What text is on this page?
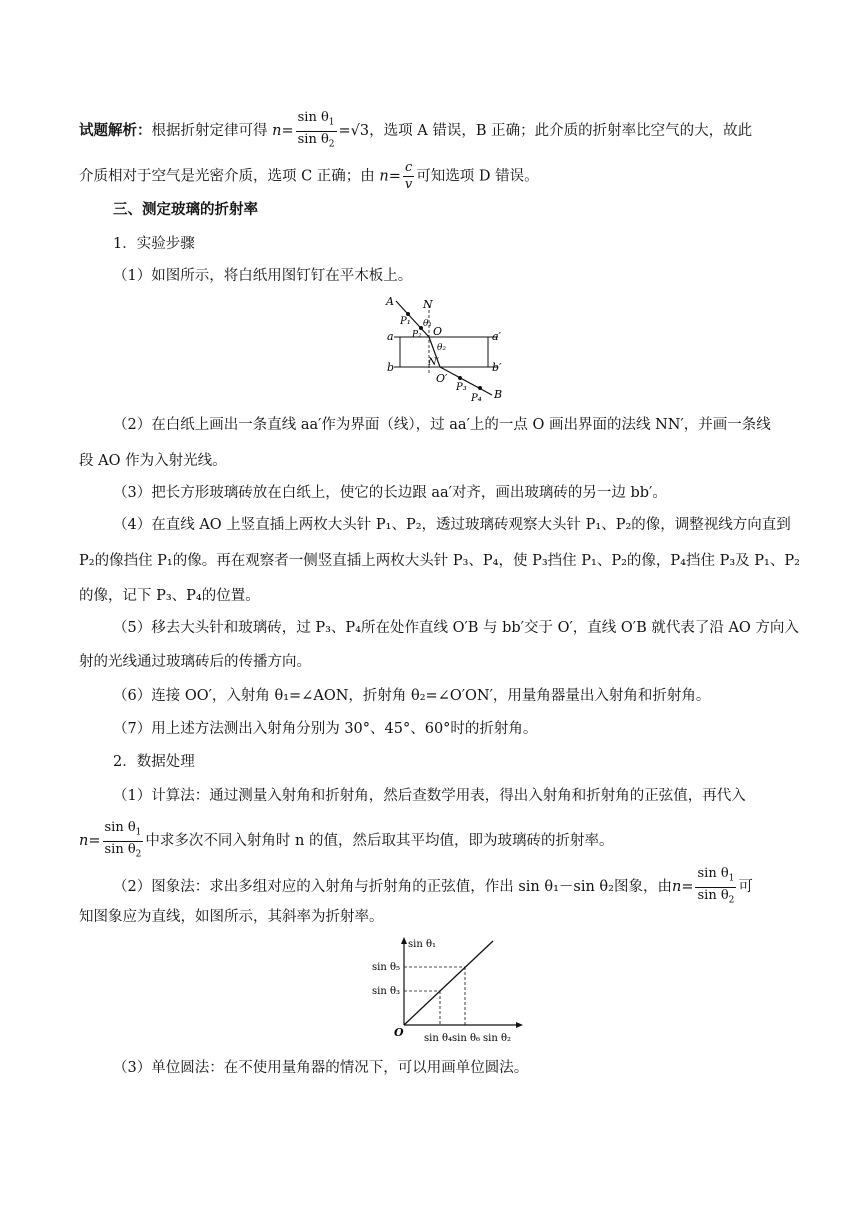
试题解析：根据折射定律可得 $n= \frac{\sin \theta_1}{\sin \theta_2} =√3$，选项 A 错误，B 正确；此介质的折射率比空气的大，故此
介质相对于空气是光密介质，选项 C 正确；由 $n= \frac{c}{v}$ 可知选项 D 错误。
三、测定玻璃的折射率
1．实验步骤
（1）如图所示，将白纸用图钉钉在平木板上。
A	N
P₁
P₂
θ₁
O
a	a′
θ₂
N′
b	b′
O′
P₃
P₄ B
（2）在白纸上画出一条直线 aa′作为界面（线），过 aa′上的一点 O 画出界面的法线 NN′，并画一条线
段 AO 作为入射光线。
（3）把长方形玻璃砖放在白纸上，使它的长边跟 aa′对齐，画出玻璃砖的另一边 bb′。
（4）在直线 AO 上竖直插上两枚大头针 P₁、P₂，透过玻璃砖观察大头针 P₁、P₂的像，调整视线方向直到
P₂的像挡住 P₁的像。再在观察者一侧竖直插上两枚大头针 P₃、P₄，使 P₃挡住 P₁、P₂的像，P₄挡住 P₃及 P₁、P₂
的像，记下 P₃、P₄的位置。
（5）移去大头针和玻璃砖，过 P₃、P₄所在处作直线 O′B 与 bb′交于 O′，直线 O′B 就代表了沿 AO 方向入
射的光线通过玻璃砖后的传播方向。
（6）连接 OO′，入射角 θ₁=∠AON，折射角 θ₂=∠O′ON′，用量角器量出入射角和折射角。
（7）用上述方法测出入射角分别为 30°、45°、60°时的折射角。
2．数据处理
（1）计算法：通过测量入射角和折射角，然后查数学用表，得出入射角和折射角的正弦值，再代入
$n= \frac{\sin \theta_1}{\sin \theta_2}$ 中求多次不同入射角时 n 的值，然后取其平均值，即为玻璃砖的折射率。
（2）图象法：求出多组对应的入射角与折射角的正弦值，作出 sin θ₁－sin θ₂图象，由$n= \frac{\sin \theta_1}{\sin \theta_2}$ 可
知图象应为直线，如图所示，其斜率为折射率。
sin θ₁
sin θ₅
sin θ₃
O sin θ₄ sin θ₆ sin θ₂
（3）单位圆法：在不使用量角器的情况下，可以用画单位圆法。
